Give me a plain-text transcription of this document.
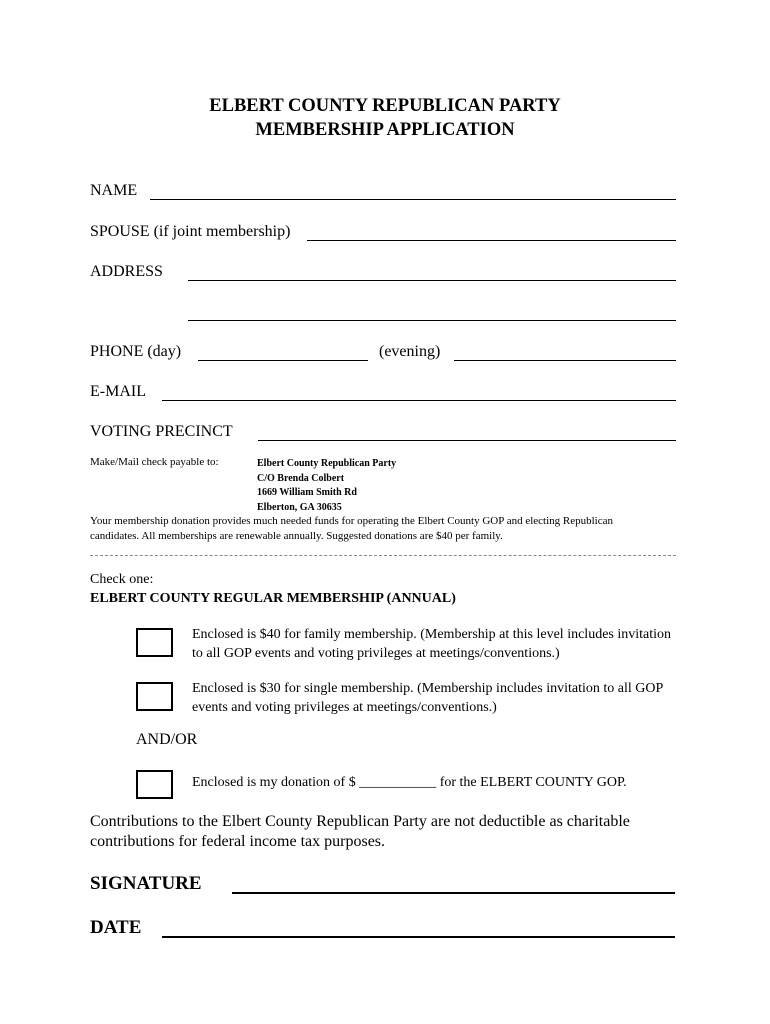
ELBERT COUNTY REPUBLICAN PARTY
MEMBERSHIP APPLICATION
NAME
SPOUSE (if joint membership)
ADDRESS
PHONE (day)	(evening)
E-MAIL
VOTING PRECINCT
Make/Mail check payable to:	Elbert County Republican Party
C/O Brenda Colbert
1669 William Smith Rd
Elberton, GA 30635
Your membership donation provides much needed funds for operating the Elbert County GOP and electing Republican
candidates. All memberships are renewable annually. Suggested donations are $40 per family.
Check one:
ELBERT COUNTY REGULAR MEMBERSHIP (ANNUAL)
Enclosed is $40 for family membership. (Membership at this level includes invitation to all GOP events and voting privileges at meetings/conventions.)
Enclosed is $30 for single membership. (Membership includes invitation to all GOP events and voting privileges at meetings/conventions.)
AND/OR
Enclosed is my donation of $ ___________ for the ELBERT COUNTY GOP.
Contributions to the Elbert County Republican Party are not deductible as charitable contributions for federal income tax purposes.
SIGNATURE
DATE
